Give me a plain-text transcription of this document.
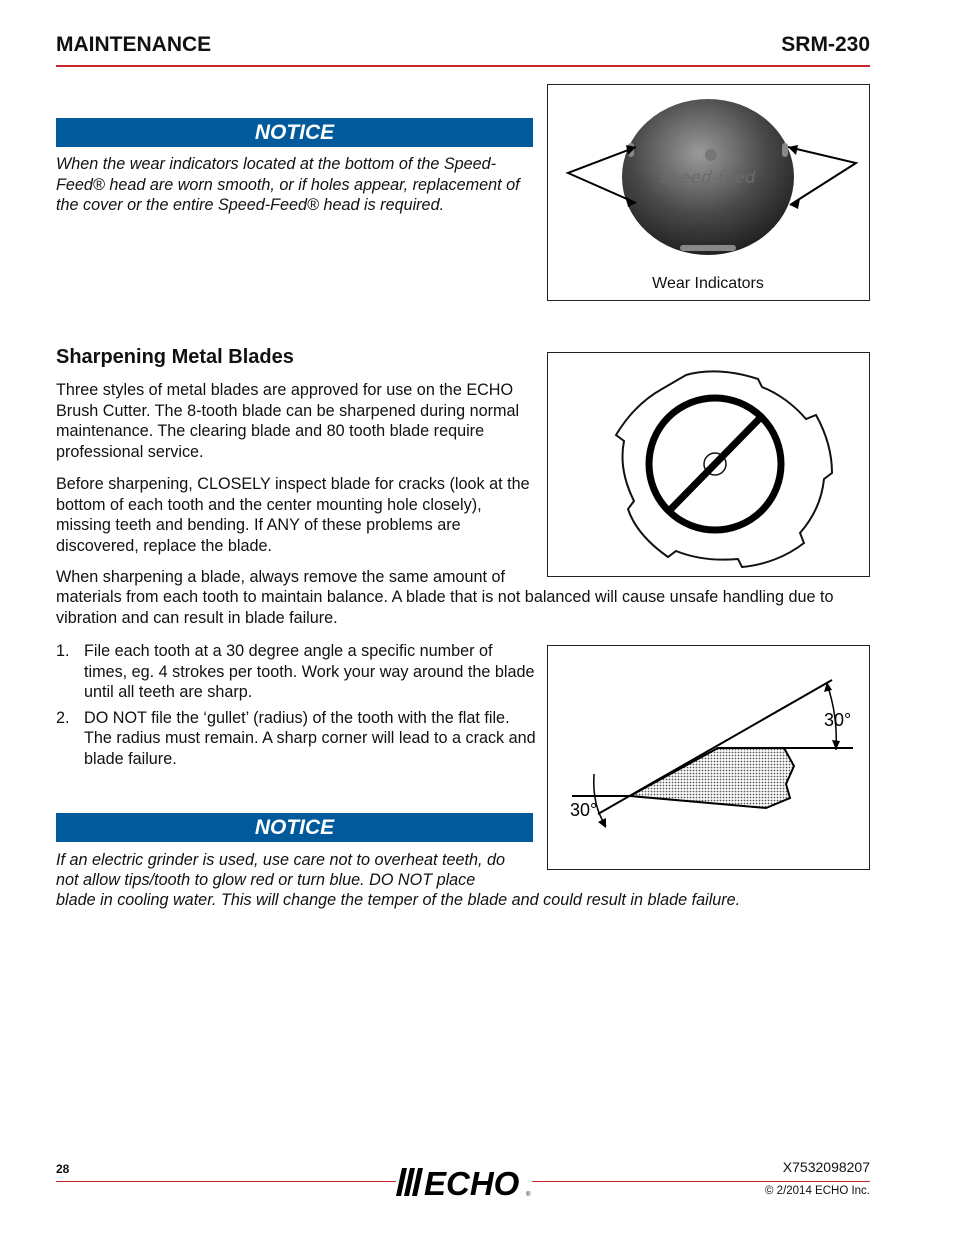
MAINTENANCE	SRM-230
NOTICE
When the wear indicators located at the bottom of the Speed-Feed® head are worn smooth, or if holes appear, replacement of the cover or the entire Speed-Feed® head is required.
speed-feed
Wear Indicators
Sharpening Metal Blades
Three styles of metal blades are approved for use on the ECHO Brush Cutter. The 8-tooth blade can be sharpened during normal maintenance. The clearing blade and 80 tooth blade require professional service.
Before sharpening, CLOSELY inspect blade for cracks (look at the bottom of each tooth and the center mounting hole closely), missing teeth and bending. If ANY of these problems are discovered, replace the blade.
When sharpening a blade, always remove the same amount of
materials from each tooth to maintain balance. A blade that is not balanced will cause unsafe handling due to vibration and can result in blade failure.
1. File each tooth at a 30 degree angle a specific number of times, eg. 4 strokes per tooth. Work your way around the blade until all teeth are sharp.
2. DO NOT file the ‘gullet’ (radius) of the tooth with the flat file. The radius must remain. A sharp corner will lead to a crack and blade failure.
30°
30°
NOTICE
If an electric grinder is used, use care not to overheat teeth, do
not allow tips/tooth to glow red or turn blue. DO NOT place
blade in cooling water. This will change the temper of the blade and could result in blade failure.
28	ECHO ®
X7532098207
© 2/2014 ECHO Inc.
